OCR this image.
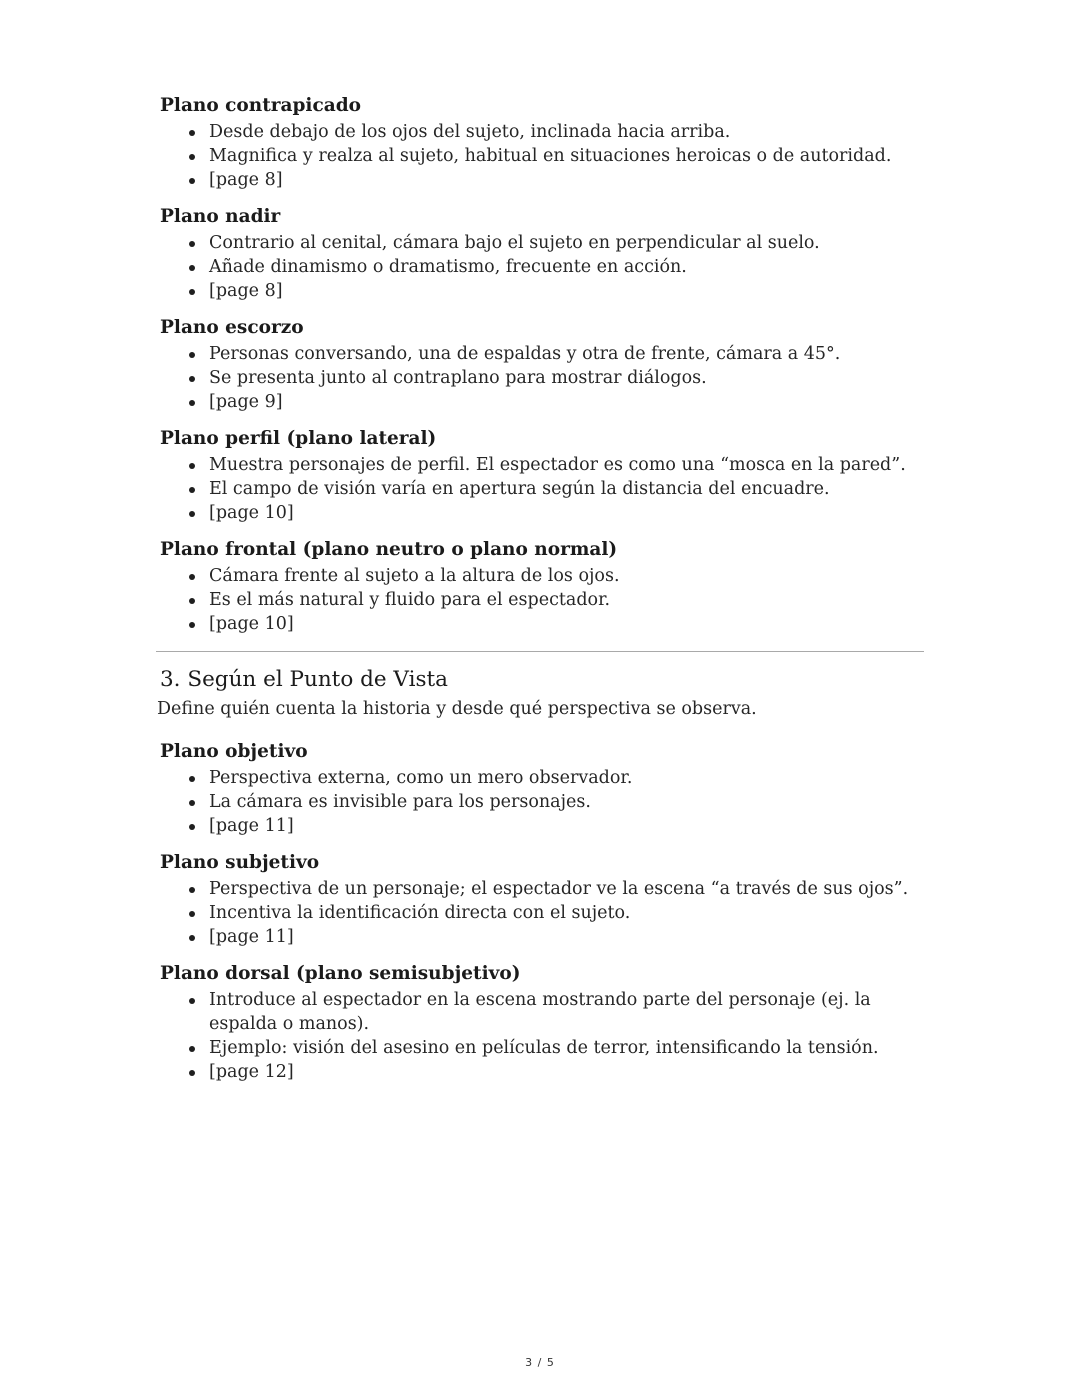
Plano contrapicado
Desde debajo de los ojos del sujeto, inclinada hacia arriba.
Magnifica y realza al sujeto, habitual en situaciones heroicas o de autoridad.
[page 8]
Plano nadir
Contrario al cenital, cámara bajo el sujeto en perpendicular al suelo.
Añade dinamismo o dramatismo, frecuente en acción.
[page 8]
Plano escorzo
Personas conversando, una de espaldas y otra de frente, cámara a 45°.
Se presenta junto al contraplano para mostrar diálogos.
[page 9]
Plano perfil (plano lateral)
Muestra personajes de perfil. El espectador es como una “mosca en la pared”.
El campo de visión varía en apertura según la distancia del encuadre.
[page 10]
Plano frontal (plano neutro o plano normal)
Cámara frente al sujeto a la altura de los ojos.
Es el más natural y fluido para el espectador.
[page 10]
3. Según el Punto de Vista
Define quién cuenta la historia y desde qué perspectiva se observa.
Plano objetivo
Perspectiva externa, como un mero observador.
La cámara es invisible para los personajes.
[page 11]
Plano subjetivo
Perspectiva de un personaje; el espectador ve la escena “a través de sus ojos”.
Incentiva la identificación directa con el sujeto.
[page 11]
Plano dorsal (plano semisubjetivo)
Introduce al espectador en la escena mostrando parte del personaje (ej. la espalda o manos).
Ejemplo: visión del asesino en películas de terror, intensificando la tensión.
[page 12]
3 / 5
